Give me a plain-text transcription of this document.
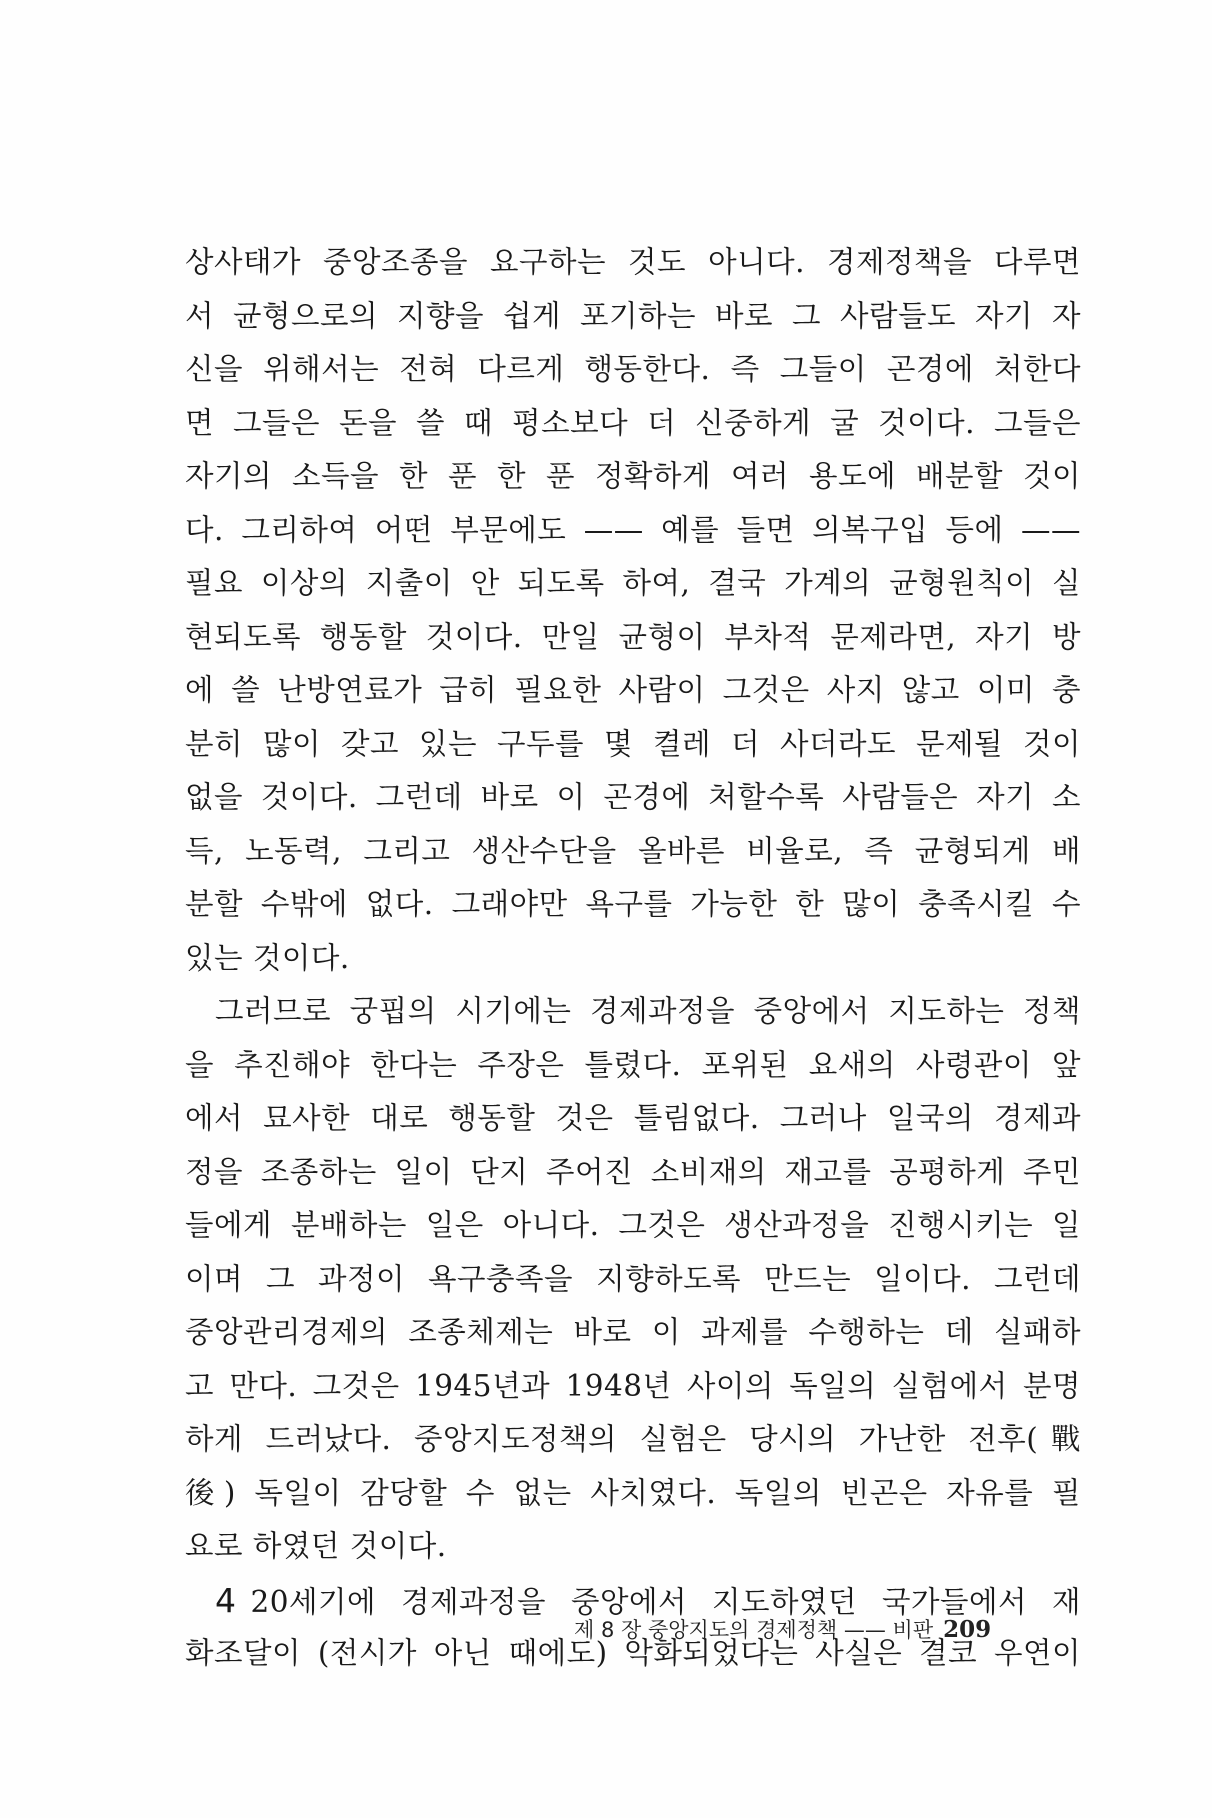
상사태가 중앙조종을 요구하는 것도 아니다. 경제정책을 다루면
서 균형으로의 지향을 쉽게 포기하는 바로 그 사람들도 자기 자
신을 위해서는 전혀 다르게 행동한다. 즉 그들이 곤경에 처한다
면 그들은 돈을 쓸 때 평소보다 더 신중하게 굴 것이다. 그들은
자기의 소득을 한 푼 한 푼 정확하게 여러 용도에 배분할 것이
다. 그리하여 어떤 부문에도 —— 예를 들면 의복구입 등에 ——
필요 이상의 지출이 안 되도록 하여, 결국 가계의 균형원칙이 실
현되도록 행동할 것이다. 만일 균형이 부차적 문제라면, 자기 방
에 쓸 난방연료가 급히 필요한 사람이 그것은 사지 않고 이미 충
분히 많이 갖고 있는 구두를 몇 켤레 더 사더라도 문제될 것이
없을 것이다. 그런데 바로 이 곤경에 처할수록 사람들은 자기 소
득, 노동력, 그리고 생산수단을 올바른 비율로, 즉 균형되게 배
분할 수밖에 없다. 그래야만 욕구를 가능한 한 많이 충족시킬 수
있는 것이다.
그러므로 궁핍의 시기에는 경제과정을 중앙에서 지도하는 정책
을 추진해야 한다는 주장은 틀렸다. 포위된 요새의 사령관이 앞
에서 묘사한 대로 행동할 것은 틀림없다. 그러나 일국의 경제과
정을 조종하는 일이 단지 주어진 소비재의 재고를 공평하게 주민
들에게 분배하는 일은 아니다. 그것은 생산과정을 진행시키는 일
이며 그 과정이 욕구충족을 지향하도록 만드는 일이다. 그런데
중앙관리경제의 조종체제는 바로 이 과제를 수행하는 데 실패하
고 만다. 그것은 1945년과 1948년 사이의 독일의 실험에서 분명
하게 드러났다. 중앙지도정책의 실험은 당시의 가난한 전후(戰
後) 독일이 감당할 수 없는 사치였다. 독일의 빈곤은 자유를 필
요로 하였던 것이다.
4 20세기에 경제과정을 중앙에서 지도하였던 국가들에서 재
화조달이 (전시가 아닌 때에도) 악화되었다는 사실은 결코 우연이
제 8 장 중앙지도의 경제정책 —— 비판 209
